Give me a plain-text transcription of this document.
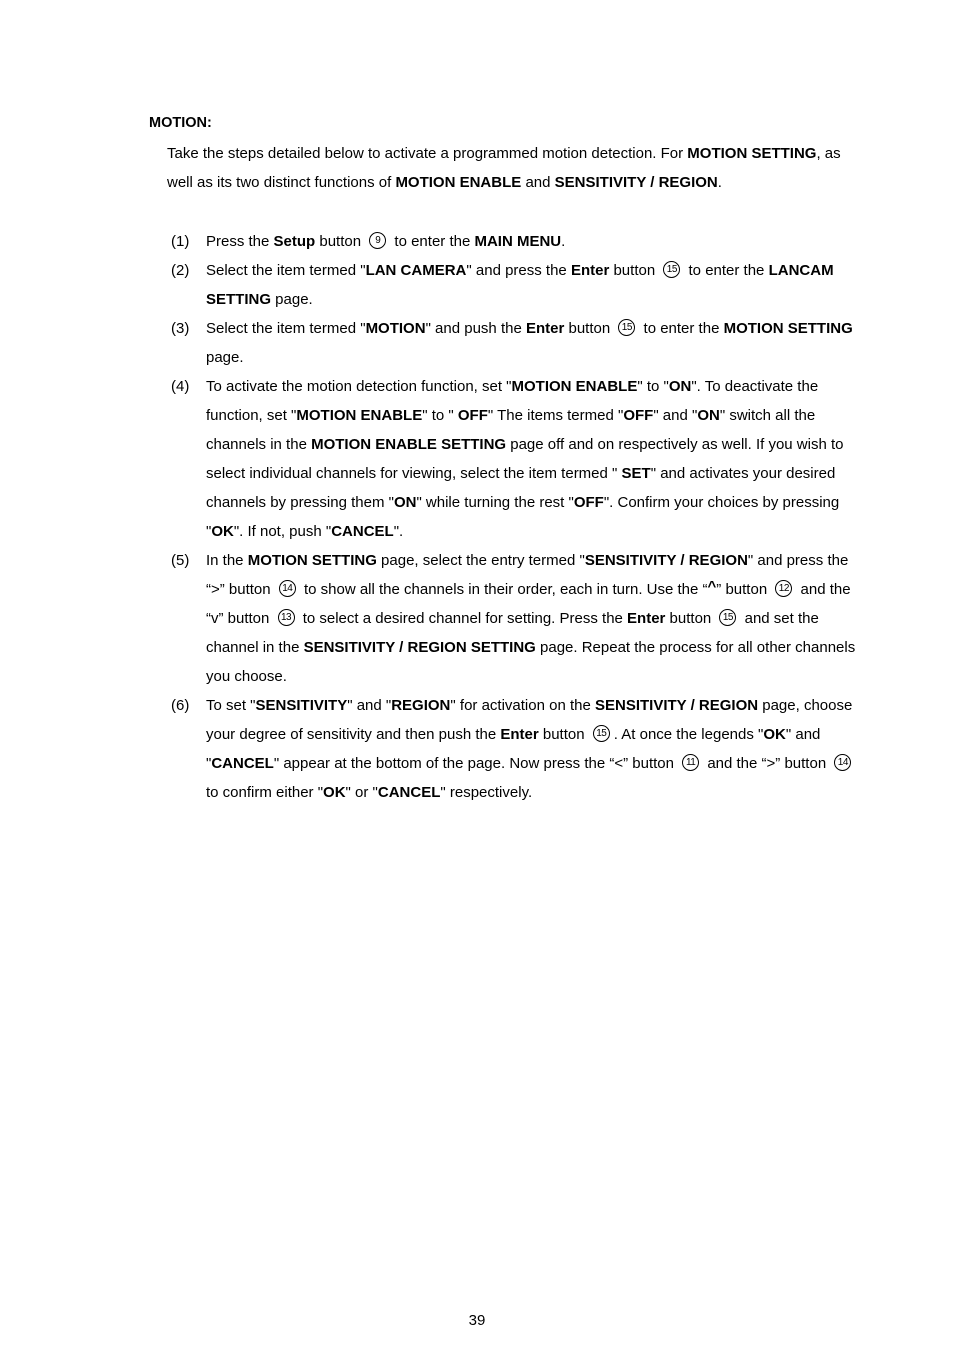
MOTION:
Take the steps detailed below to activate a programmed motion detection. For MOTION SETTING, as well as its two distinct functions of MOTION ENABLE and SENSITIVITY / REGION.
(1)	Press the Setup button 9 to enter the MAIN MENU.
(2)	Select the item termed "LAN CAMERA" and press the Enter button 15 to enter the LANCAM SETTING page.
(3)	Select the item termed "MOTION" and push the Enter button 15 to enter the MOTION SETTING page.
(4)	To activate the motion detection function, set "MOTION ENABLE" to "ON". To deactivate the function, set "MOTION ENABLE" to " OFF" The items termed "OFF" and "ON" switch all the channels in the MOTION ENABLE SETTING page off and on respectively as well. If you wish to select individual channels for viewing, select the item termed " SET" and activates your desired channels by pressing them "ON" while turning the rest "OFF". Confirm your choices by pressing "OK". If not, push "CANCEL".
(5)	In the MOTION SETTING page, select the entry termed "SENSITIVITY / REGION" and press the “>” button 14 to show all the channels in their order, each in turn. Use the “^” button 12 and the “v” button 13 to select a desired channel for setting. Press the Enter button 15 and set the channel in the SENSITIVITY / REGION SETTING page. Repeat the process for all other channels you choose.
(6)	To set "SENSITIVITY" and "REGION" for activation on the SENSITIVITY / REGION page, choose your degree of sensitivity and then push the Enter button 15 . At once the legends "OK" and "CANCEL" appear at the bottom of the page. Now press the “<” button 11 and the “>” button 14 to confirm either "OK" or "CANCEL" respectively.
39
